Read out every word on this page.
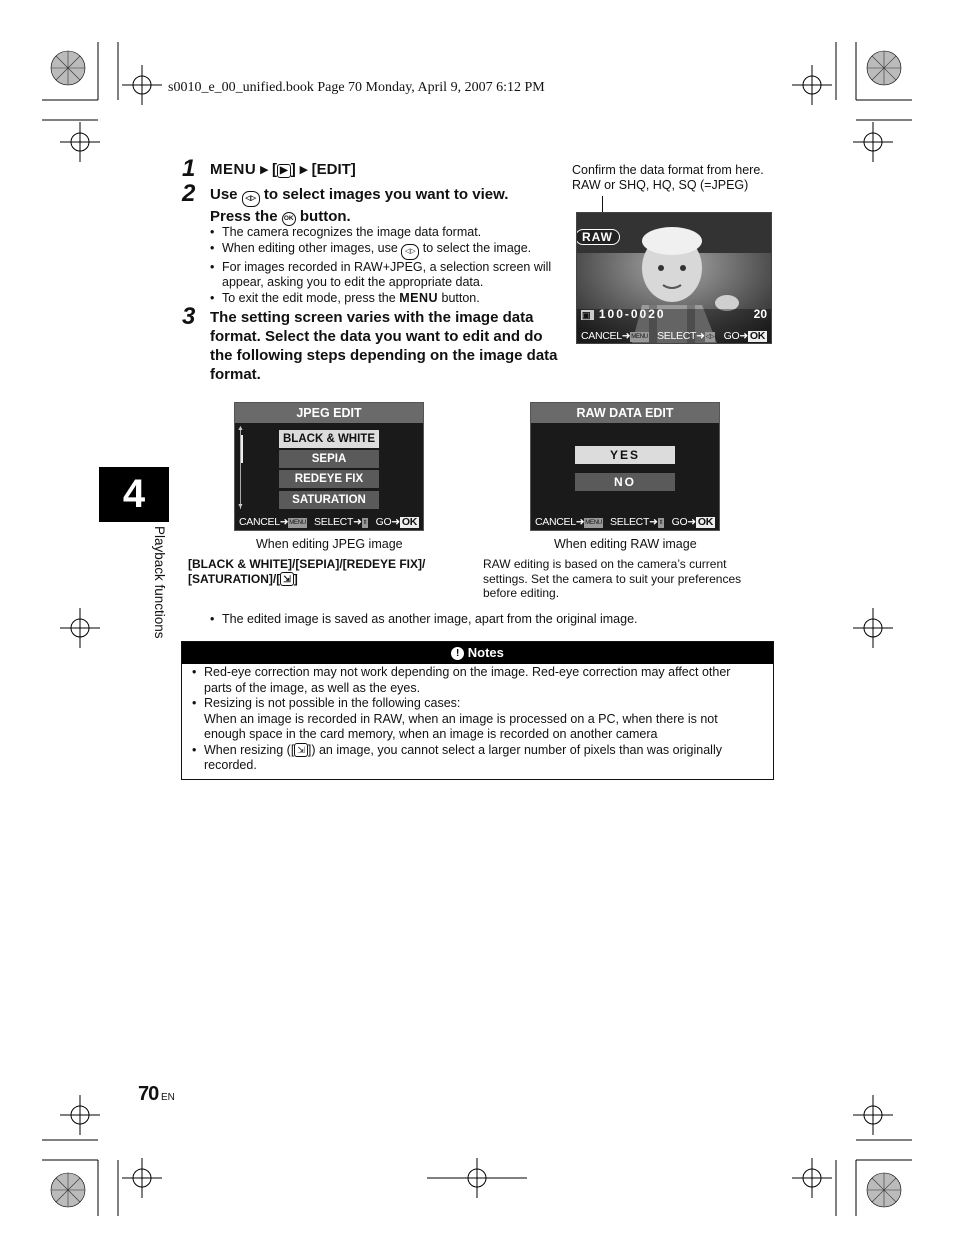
s0010_e_00_unified.book Page 70 Monday, April 9, 2007 6:12 PM
1 MENU ▸ [ ▶ ] ▸ [EDIT]
2 Use ◁▷ to select images you want to view.
Press the OK button.
• The camera recognizes the image data format.
• When editing other images, use ◁▷ to select the image.
• For images recorded in RAW+JPEG, a selection screen will appear, asking you to edit the appropriate data.
• To exit the edit mode, press the MENU button.
3 The setting screen varies with the image data format. Select the data you want to edit and do the following steps depending on the image data format.
Confirm the data format from here.
RAW or SHQ, HQ, SQ (=JPEG)
RAW
▣ 100-0020	20
CANCEL➜MENU SELECT➜◁▷ GO➜ OK
JPEG EDIT
▲
▼
BLACK & WHITE
SEPIA
REDEYE FIX
SATURATION
CANCEL➜MENU SELECT➜⇕ GO➜ OK
When editing JPEG image
[BLACK & WHITE]/[SEPIA]/[REDEYE FIX]/
[SATURATION]/[ ⇲ ]
RAW DATA EDIT
YES
NO
CANCEL➜MENU SELECT➜⇕ GO➜ OK
When editing RAW image
RAW editing is based on the camera’s current settings. Set the camera to suit your preferences before editing.
• The edited image is saved as another image, apart from the original image.
! Notes
• Red-eye correction may not work depending on the image. Red-eye correction may affect other parts of the image, as well as the eyes.
• Resizing is not possible in the following cases:
When an image is recorded in RAW, when an image is processed on a PC, when there is not enough space in the card memory, when an image is recorded on another camera
• When resizing ([ ⇲ ]) an image, you cannot select a larger number of pixels than was originally recorded.
4
Playback functions
70 EN
